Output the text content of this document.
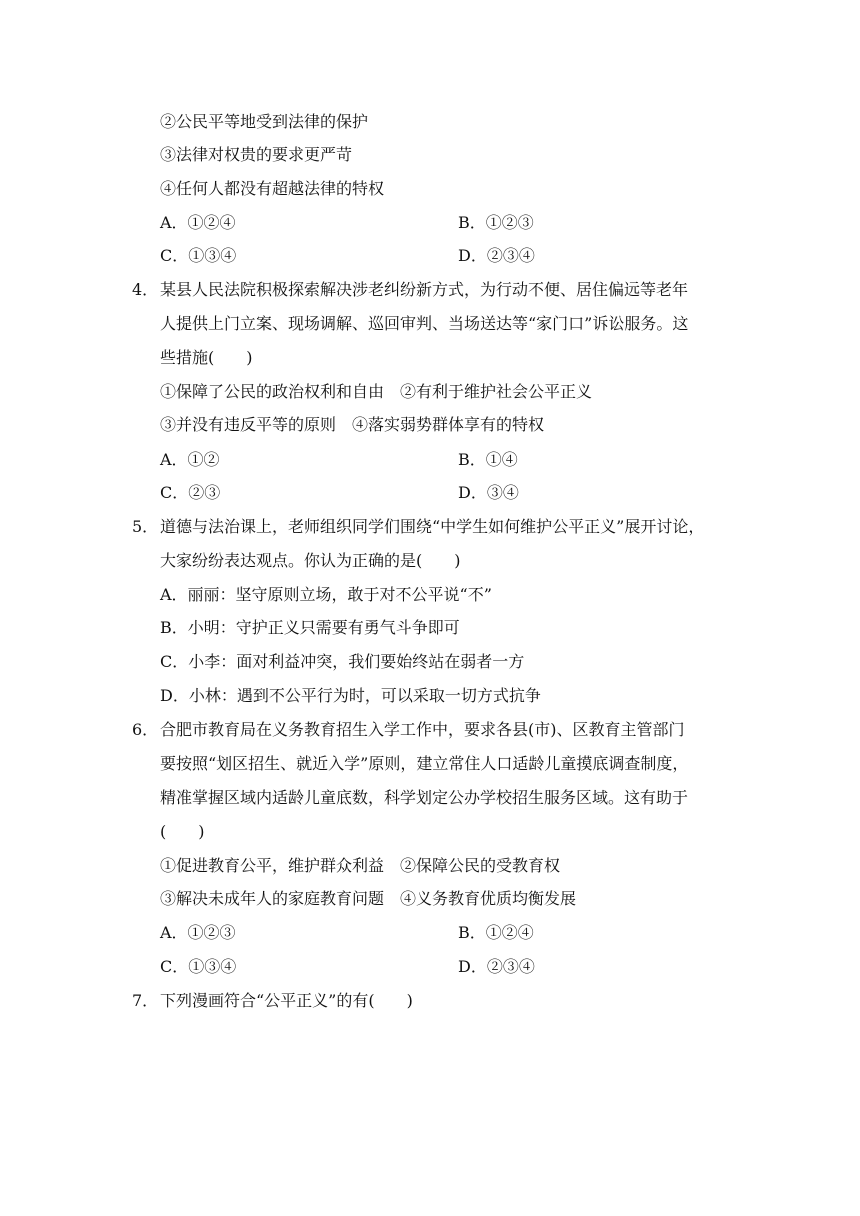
②公民平等地受到法律的保护
③法律对权贵的要求更严苛
④任何人都没有超越法律的特权
A．①②④	B．①②③
C．①③④	D．②③④
4． 某县人民法院积极探索解决涉老纠纷新方式，为行动不便、居住偏远等老年
人提供上门立案、现场调解、巡回审判、当场送达等“家门口”诉讼服务。这
些措施(　　)
①保障了公民的政治权利和自由　②有利于维护社会公平正义
③并没有违反平等的原则　④落实弱势群体享有的特权
A．①②	B．①④
C．②③	D．③④
5． 道德与法治课上，老师组织同学们围绕“中学生如何维护公平正义”展开讨论，
大家纷纷表达观点。你认为正确的是(　　)
A．丽丽：坚守原则立场，敢于对不公平说“不”
B．小明：守护正义只需要有勇气斗争即可
C．小李：面对利益冲突，我们要始终站在弱者一方
D．小林：遇到不公平行为时，可以采取一切方式抗争
6． 合肥市教育局在义务教育招生入学工作中，要求各县(市)、区教育主管部门
要按照“划区招生、就近入学”原则，建立常住人口适龄儿童摸底调查制度，
精准掌握区域内适龄儿童底数，科学划定公办学校招生服务区域。这有助于
(　　)
①促进教育公平，维护群众利益　②保障公民的受教育权
③解决未成年人的家庭教育问题　④义务教育优质均衡发展
A．①②③	B．①②④
C．①③④	D．②③④
7． 下列漫画符合“公平正义”的有(　　)
